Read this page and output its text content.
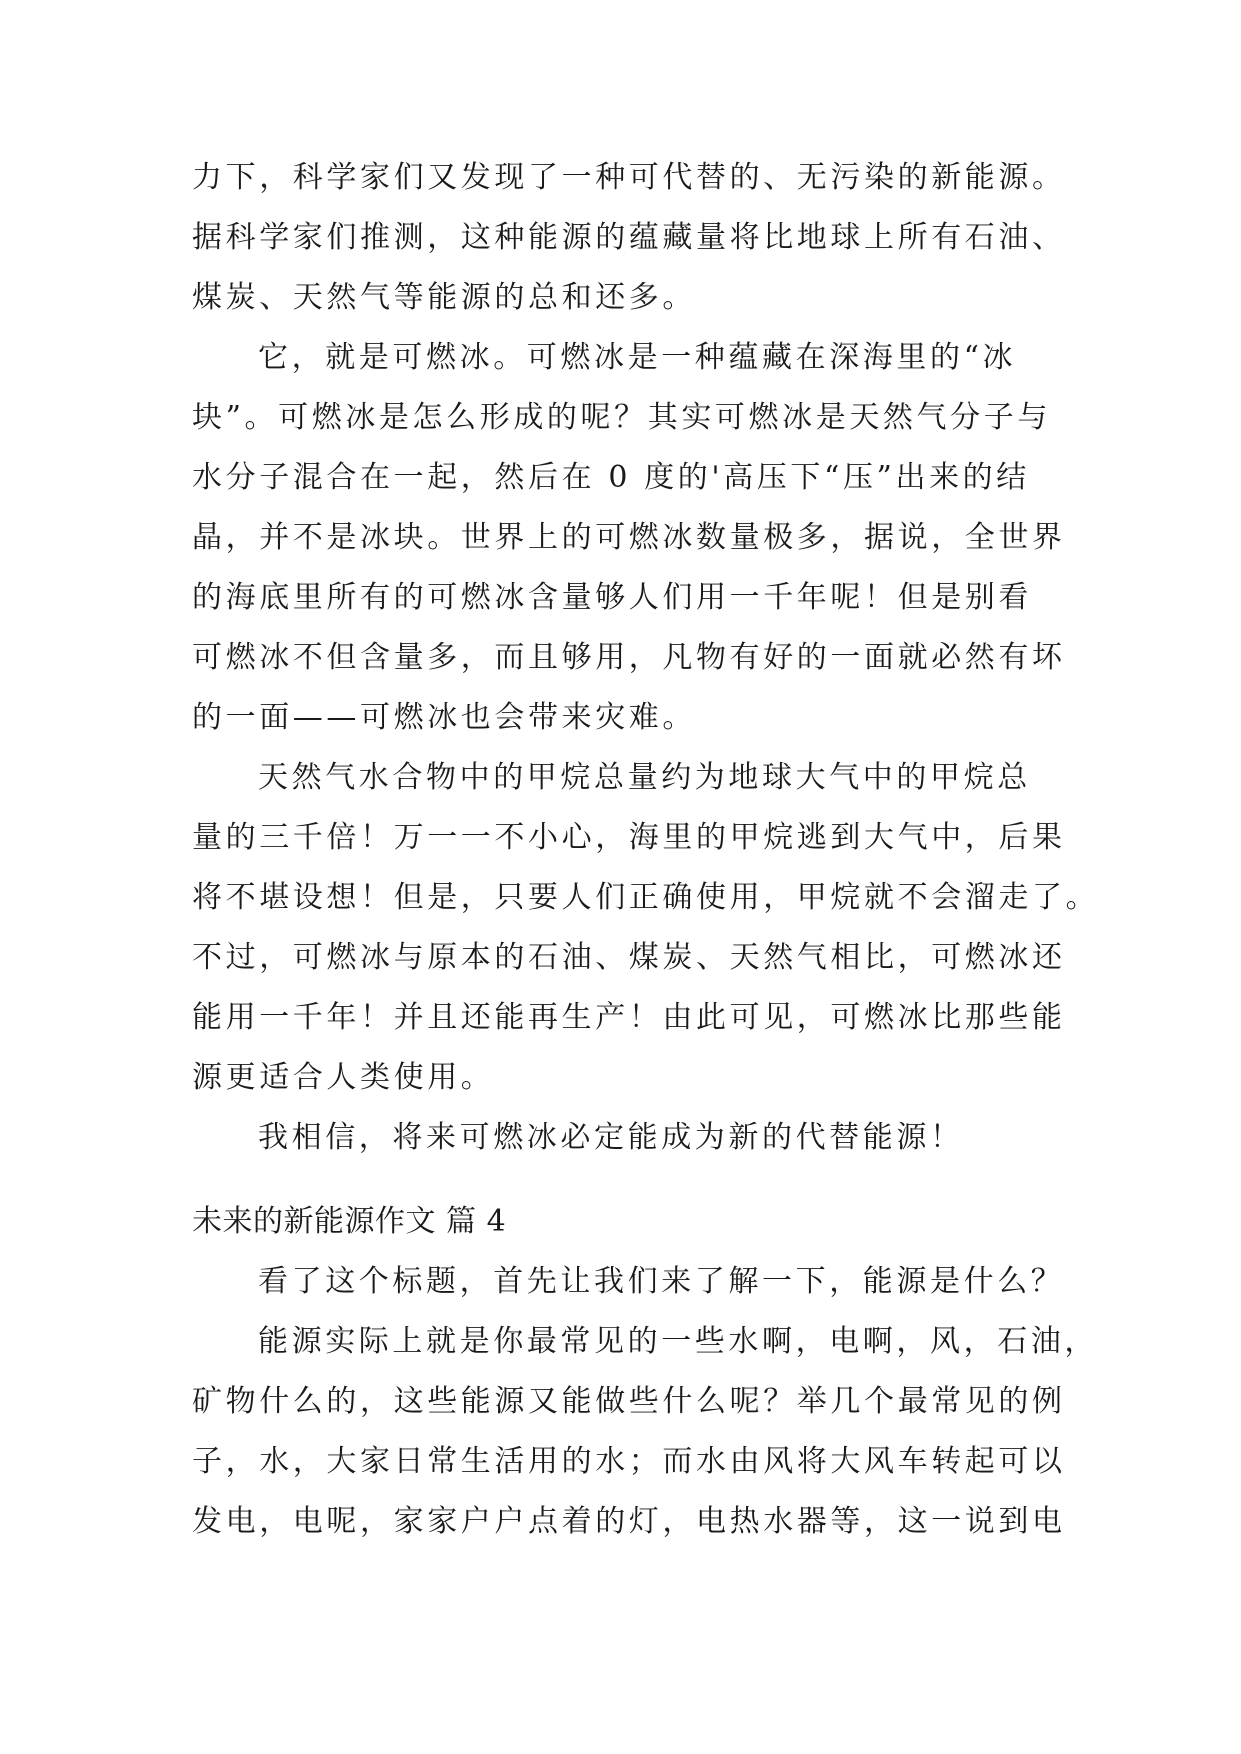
力下，科学家们又发现了一种可代替的、无污染的新能源。
据科学家们推测，这种能源的蕴藏量将比地球上所有石油、
煤炭、天然气等能源的总和还多。
它，就是可燃冰。可燃冰是一种蕴藏在深海里的“冰
块”。可燃冰是怎么形成的呢？其实可燃冰是天然气分子与
水分子混合在一起，然后在 0 度的'高压下“压”出来的结
晶，并不是冰块。世界上的可燃冰数量极多，据说，全世界
的海底里所有的可燃冰含量够人们用一千年呢！但是别看
可燃冰不但含量多，而且够用，凡物有好的一面就必然有坏
的一面——可燃冰也会带来灾难。
天然气水合物中的甲烷总量约为地球大气中的甲烷总
量的三千倍！万一一不小心，海里的甲烷逃到大气中，后果
将不堪设想！但是，只要人们正确使用，甲烷就不会溜走了。
不过，可燃冰与原本的石油、煤炭、天然气相比，可燃冰还
能用一千年！并且还能再生产！由此可见，可燃冰比那些能
源更适合人类使用。
我相信，将来可燃冰必定能成为新的代替能源！
未来的新能源作文 篇 4
看了这个标题，首先让我们来了解一下，能源是什么？
能源实际上就是你最常见的一些水啊，电啊，风，石油，
矿物什么的，这些能源又能做些什么呢？举几个最常见的例
子，水，大家日常生活用的水；而水由风将大风车转起可以
发电，电呢，家家户户点着的灯，电热水器等，这一说到电
